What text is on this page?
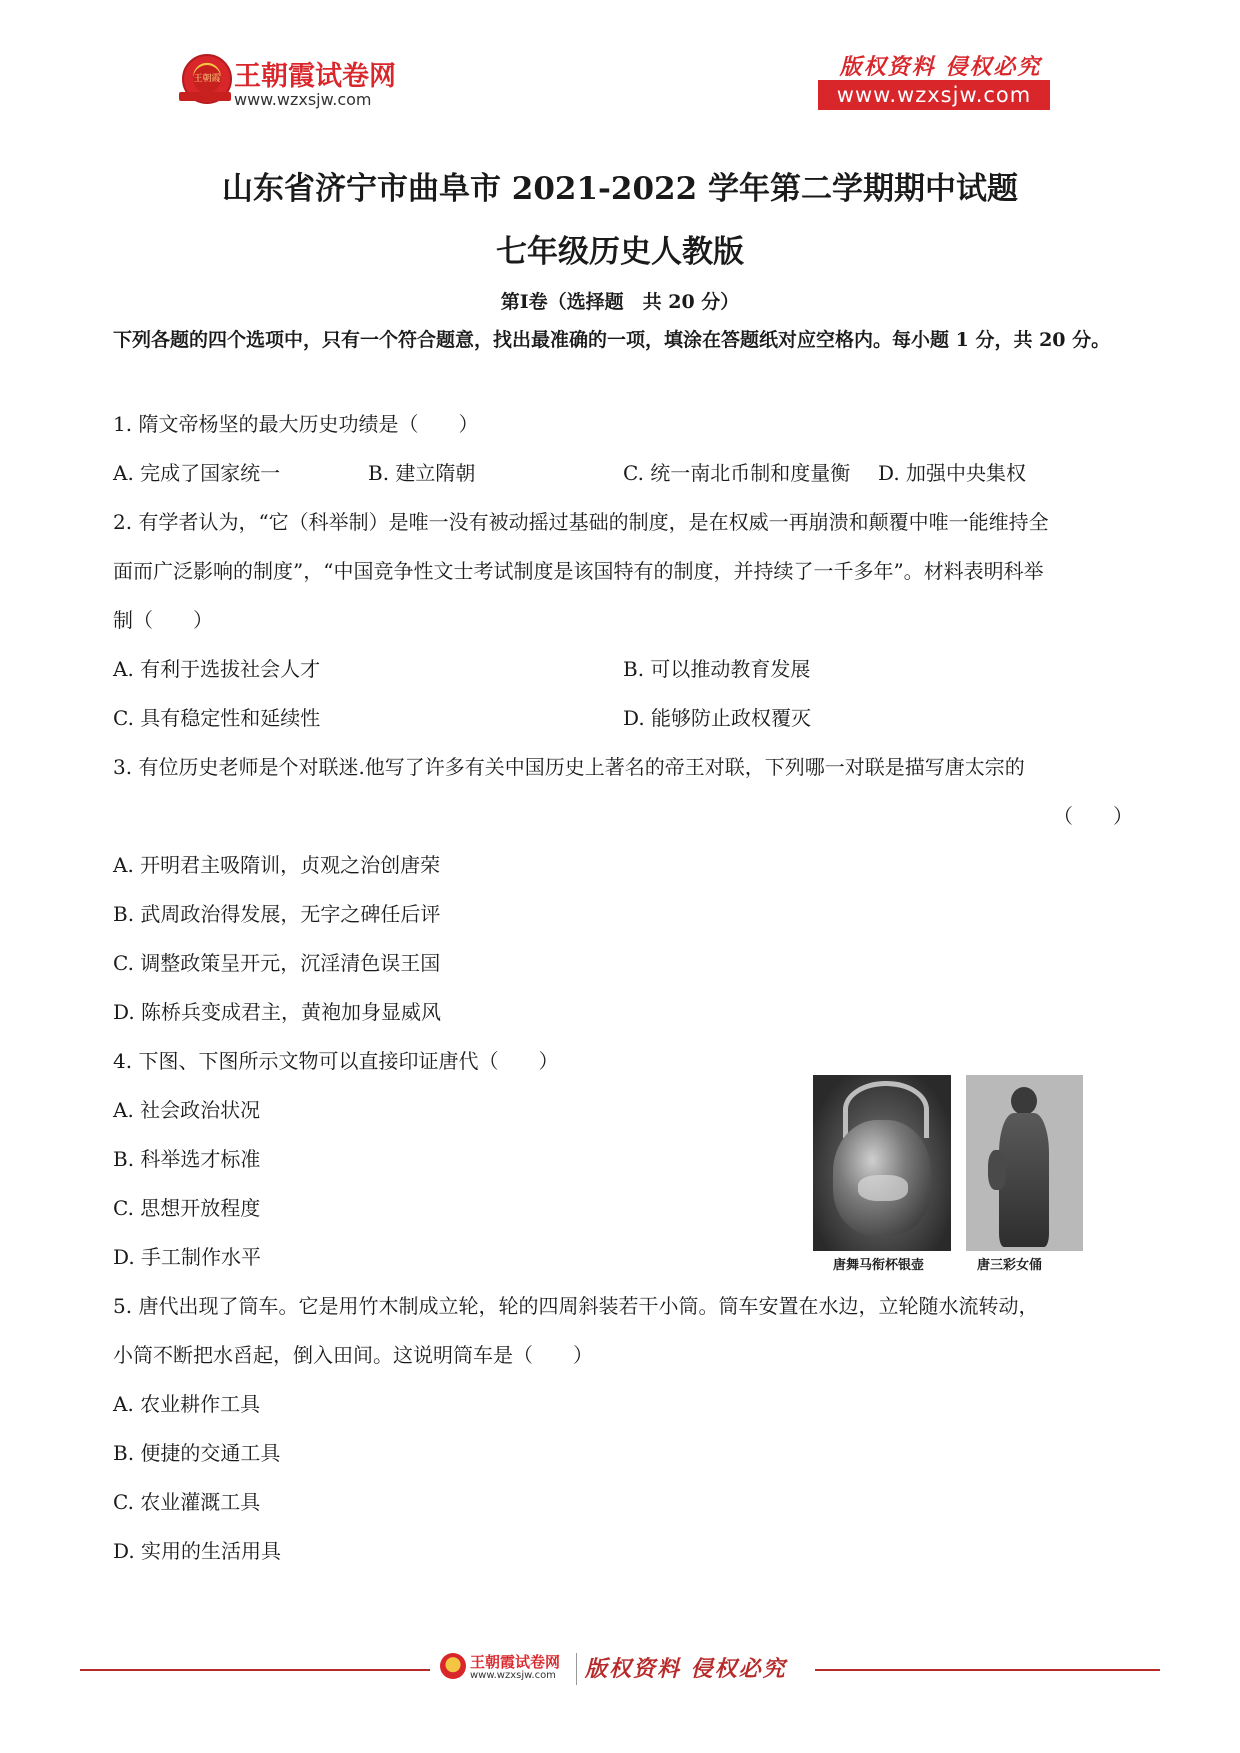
王朝霞 王朝霞试卷网
www.wzxsjw.com
版权资料 侵权必究
www.wzxsjw.com
山东省济宁市曲阜市 2021-2022 学年第二学期期中试题
七年级历史人教版
第Ⅰ卷（选择题　共 20 分）
下列各题的四个选项中，只有一个符合题意，找出最准确的一项，填涂在答题纸对应空格内。每小题 1 分，共 20 分。
1. 隋文帝杨坚的最大历史功绩是（　　）
A. 完成了国家统一	B. 建立隋朝	C. 统一南北币制和度量衡 D. 加强中央集权
2. 有学者认为，“它（科举制）是唯一没有被动摇过基础的制度，是在权威一再崩溃和颠覆中唯一能维持全
面而广泛影响的制度”，“中国竞争性文士考试制度是该国特有的制度，并持续了一千多年”。材料表明科举
制（　　）
A. 有利于选拔社会人才	B. 可以推动教育发展
C. 具有稳定性和延续性	D. 能够防止政权覆灭
3. 有位历史老师是个对联迷.他写了许多有关中国历史上著名的帝王对联，下列哪一对联是描写唐太宗的
（　　）
A. 开明君主吸隋训，贞观之治创唐荣
B. 武周政治得发展，无字之碑任后评
C. 调整政策呈开元，沉淫清色误王国
D. 陈桥兵变成君主，黄袍加身显威风
4. 下图、下图所示文物可以直接印证唐代（　　）
A. 社会政治状况
B. 科举选才标准
C. 思想开放程度
D. 手工制作水平	唐舞马衔杯银壶	唐三彩女俑
5. 唐代出现了筒车。它是用竹木制成立轮，轮的四周斜装若干小筒。筒车安置在水边，立轮随水流转动，
小筒不断把水舀起，倒入田间。这说明筒车是（　　）
A. 农业耕作工具
B. 便捷的交通工具
C. 农业灌溉工具
D. 实用的生活用具
王朝霞试卷网
www.wzxsjw.com 版权资料 侵权必究
